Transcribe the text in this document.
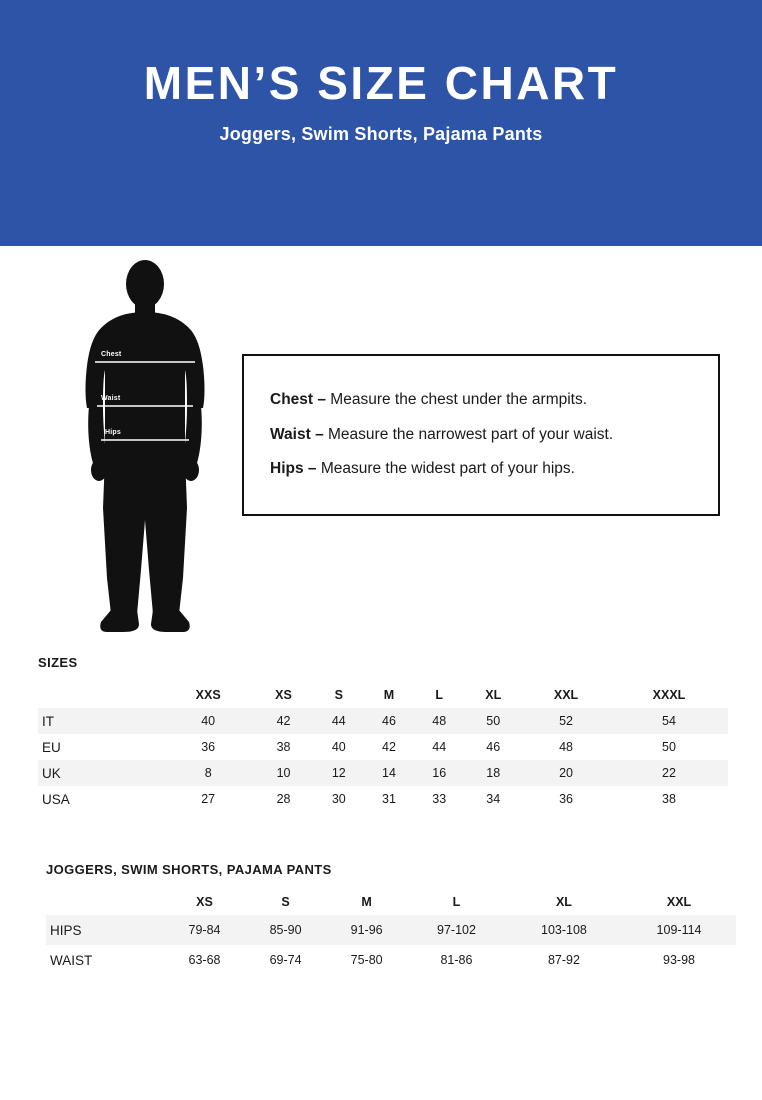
MEN’S SIZE CHART
Joggers, Swim Shorts, Pajama Pants
Chest
Waist
Hips
Chest – Measure the chest under the armpits.
Waist – Measure the narrowest part of your waist.
Hips – Measure the widest part of your hips.
SIZES
	XXS	XS	S	M	L	XL	XXL	XXXL
IT	40	42	44	46	48	50	52	54
EU	36	38	40	42	44	46	48	50
UK	8	10	12	14	16	18	20	22
USA	27	28	30	31	33	34	36	38
JOGGERS, SWIM SHORTS, PAJAMA PANTS
	XS	S	M	L	XL	XXL
HIPS	79-84	85-90	91-96	97-102	103-108	109-114
WAIST	63-68	69-74	75-80	81-86	87-92	93-98
